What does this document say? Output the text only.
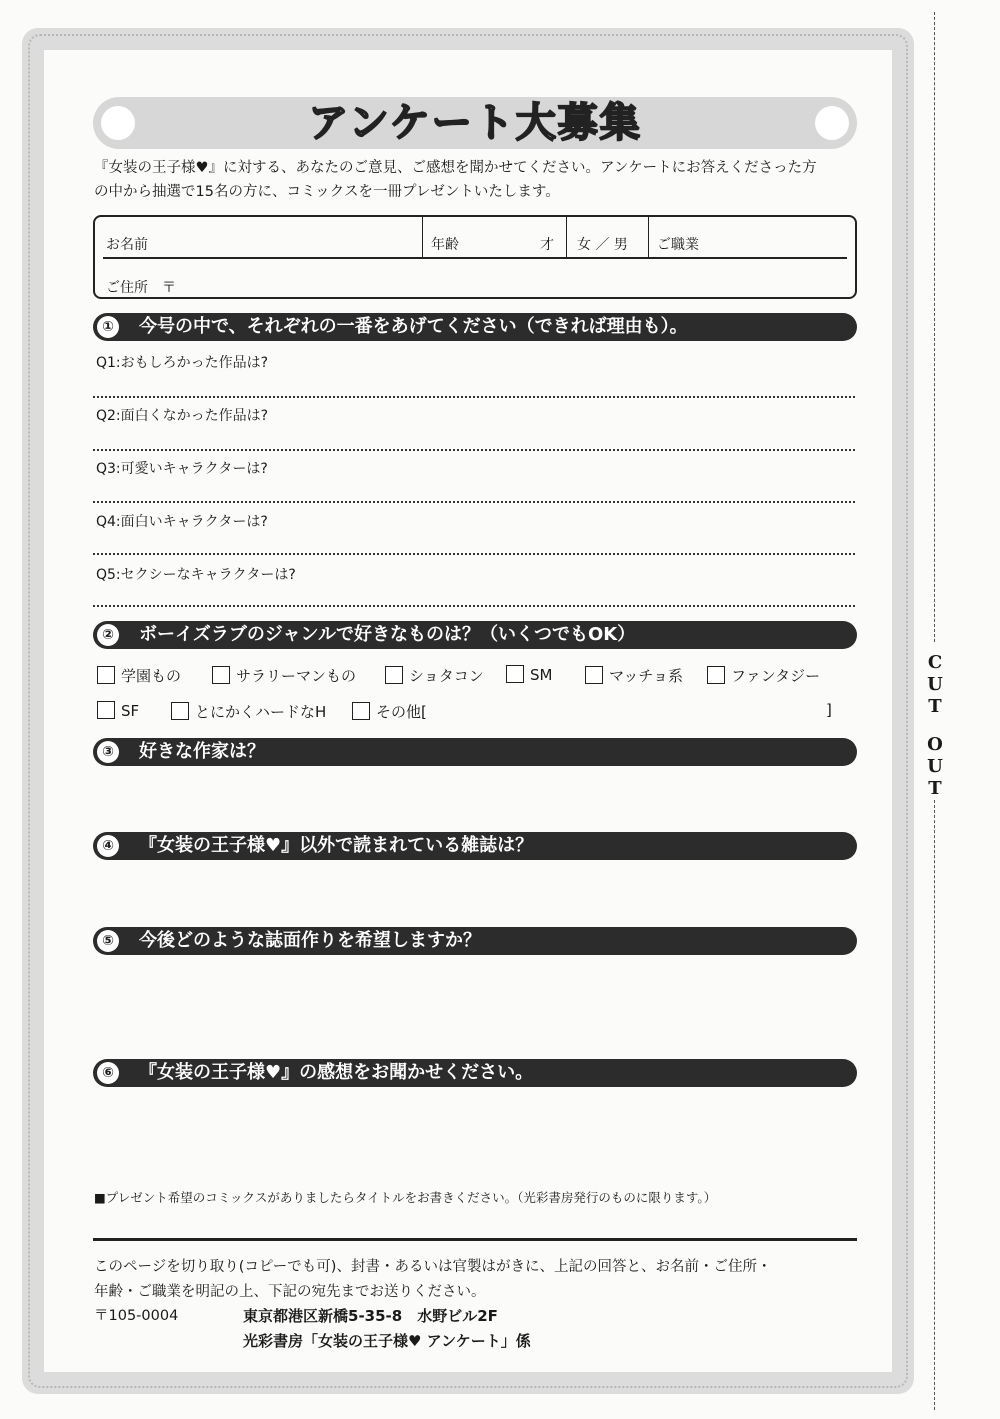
アンケート大募集
『女装の王子様♥』に対する、あなたのご意見、ご感想を聞かせてください。アンケートにお答えくださった方
の中から抽選で15名の方に、コミックスを一冊プレゼントいたします。
お名前	年齢	才 女 ／ 男 ご職業
ご住所　〒
① 今号の中で、それぞれの一番をあげてください（できれば理由も）。
Q1:おもしろかった作品は?
Q2:面白くなかった作品は?
Q3:可愛いキャラクターは?
Q4:面白いキャラクターは?
Q5:セクシーなキャラクターは?
② ボーイズラブのジャンルで好きなものは？（いくつでもOK）
学園もの	サラリーマンもの	ショタコン	SM	マッチョ系	ファンタジー
SF	とにかくハードなH	その他[	]
③ 好きな作家は？
④ 『女装の王子様♥』以外で読まれている雑誌は？
⑤ 今後どのような誌面作りを希望しますか？
⑥ 『女装の王子様♥』の感想をお聞かせください。
■プレゼント希望のコミックスがありましたらタイトルをお書きください。（光彩書房発行のものに限ります。）
このページを切り取り(コピーでも可)、封書・あるいは官製はがきに、上記の回答と、お名前・ご住所・
年齢・ご職業を明記の上、下記の宛先までお送りください。
〒105-0004	東京都港区新橋5-35-8　水野ビル2F
光彩書房「女装の王子様♥ アンケート」係
CUT
OUT
